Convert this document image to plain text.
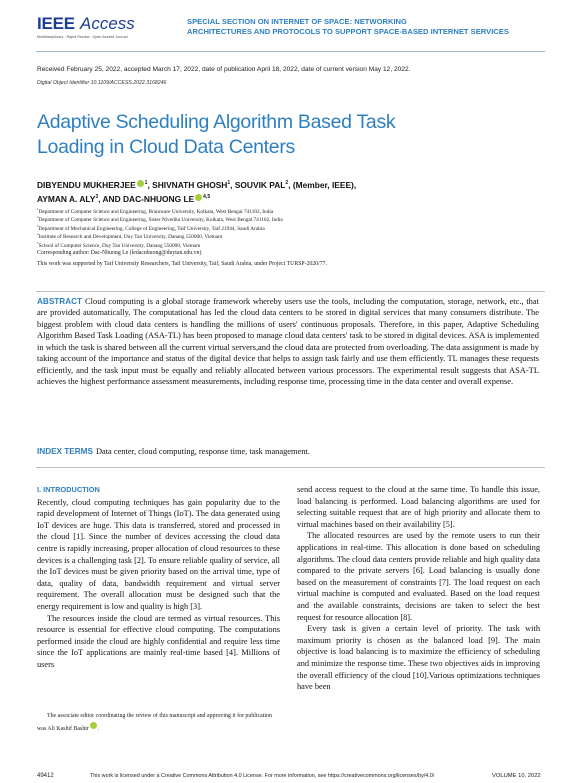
IEEE Access
Multidisciplinary : Rapid Review : Open Access Journal
SPECIAL SECTION ON INTERNET OF SPACE: NETWORKING
ARCHITECTURES AND PROTOCOLS TO SUPPORT SPACE-BASED INTERNET SERVICES
Received February 25, 2022, accepted March 17, 2022, date of publication April 18, 2022, date of current version May 12, 2022.
Digital Object Identifier 10.1109/ACCESS.2022.3168246
Adaptive Scheduling Algorithm Based Task
Loading in Cloud Data Centers
DIBYENDU MUKHERJEE $^1$, SHIVNATH GHOSH$^1$, SOUVIK PAL$^2$, (Member, IEEE),
AYMAN A. ALY$^3$, AND DAC-NHUONG LE $^{4,5}$
$^1$Department of Computer Science and Engineering, Brainware University, Kolkata, West Bengal 741102, India
$^2$Department of Computer Science and Engineering, Sister Nivedita University, Kolkata, West Bengal 741102, India
$^3$Department of Mechanical Engineering, College of Engineering, Taif University, Taif 21944, Saudi Arabia
$^4$Institute of Research and Development, Duy Tan University, Danang 550000, Vietnam
$^5$School of Computer Science, Duy Tan University, Danang 550000, Vietnam
Corresponding author: Dac-Nhuong Le (ledacnhuong@duytan.edu.vn)
This work was supported by Taif University Researchers, Taif University, Taif, Saudi Arabia, under Project TURSP-2020/77.
ABSTRACT Cloud computing is a global storage framework whereby users use the tools, including the computation, storage, network, etc., that are provided automatically. The computational has led the cloud data centers to be stored in digital services that many consumers distribute. The biggest problem with cloud data centers is handling the millions of users' continuous proposals. Therefore, in this paper, Adaptive Scheduling Algorithm Based Task Loading (ASA-TL) has been proposed to manage cloud data centers' task to be stored in digital devices. ASA is implemented in which the task is shared between all the current virtual servers,and the cloud data are protected from overloading. The data assignment is made by taking account of the importance and status of the digital device that helps to assign task fairly and use them efficiently. TL manages these requests efficiently, and the task input must be equally and reliably allocated between various processors. The experimental result suggests that ASA-TL achieves the highest performance assessment measurements, including response time, processing time in the data center and overall expense.
INDEX TERMS Data center, cloud computing, response time, task management.
I. INTRODUCTION

Recently, cloud computing techniques has gain popularity due to the rapid development of Internet of Things (IoT). The data generated using IoT devices are huge. This data is transferred, stored and processed in the cloud [1]. Since the number of devices accessing the cloud data centre is rapidly increasing, proper allocation of cloud resources to these devices is a challenging task [2]. To ensure reliable quality of service, all the IoT devices must be given priority based on the arrival time, type of data, quality of data, bandwidth requirement and virtual server requirement. The overall allocation must be designed such that the energy requirement is low and quality is high [3].

The resources inside the cloud are termed as virtual resources. This resource is essential for effective cloud computing. The computations performed inside the cloud are highly confidential and require less time since the IoT applications are mainly real-time based [4]. Millions of users

send access request to the cloud at the same time. To handle this issue, load balancing is performed. Load balancing algorithms are used for selecting suitable request that are of high priority and allocate them to virtual machines based on their availability [5].

The allocated resources are used by the remote users to run their applications in real-time. This allocation is done based on scheduling algorithms. The cloud data centers provide reliable and high quality data compared to the private servers [6]. Load balancing is usually done based on the measurement of constraints [7]. The load request on each virtual machine is computed and evaluated. Based on the load request and the available constraints, decisions are taken to select the best request for resource allocation [8].

Every task is given a certain level of priority. The task with maximum priority is chosen as the balanced load [9]. The main objective is load balancing is to maximize the efficiency of scheduling and minimize the response time. These two objectives aids in improving the overall efficiency of the cloud [10].Various optimizations techniques have been

The associate editor coordinating the review of this manuscript and approving it for publication was Ali Kashif Bashir .
49412	This work is licensed under a Creative Commons Attribution 4.0 License. For more information, see https://creativecommons.org/licenses/by/4.0/	VOLUME 10, 2022
